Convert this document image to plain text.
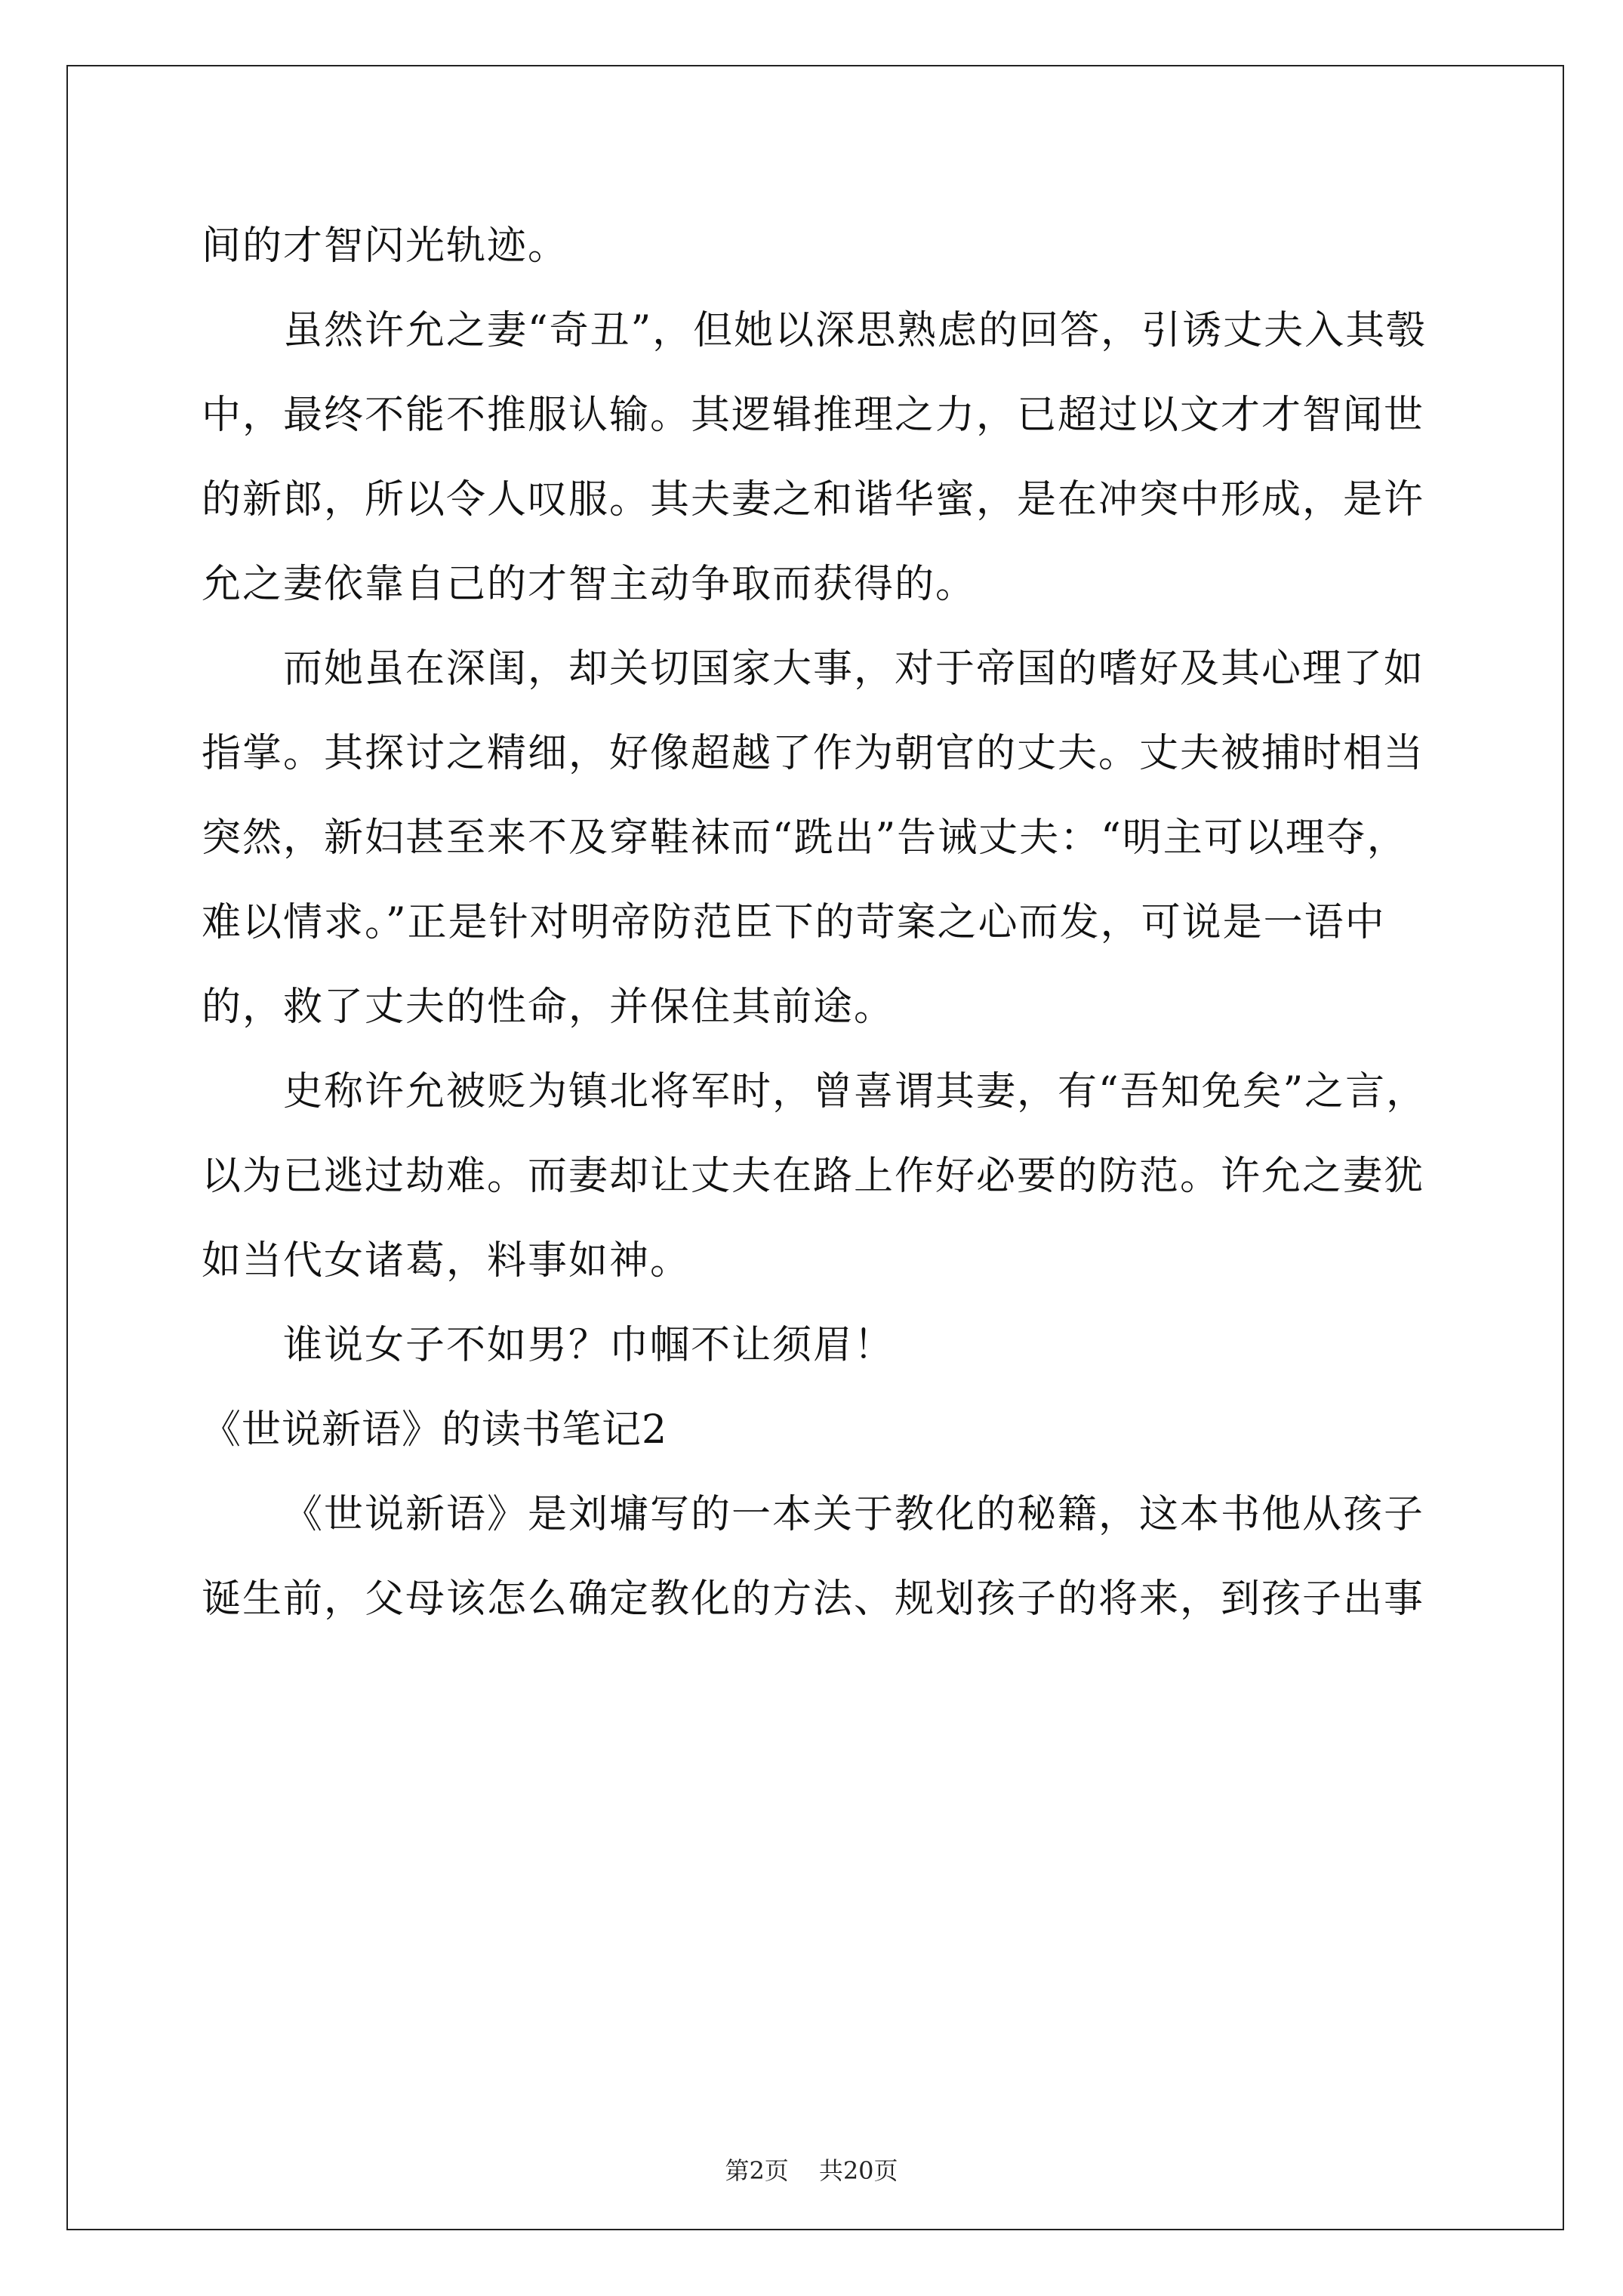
间的才智闪光轨迹。
虽然许允之妻“奇丑”，但她以深思熟虑的回答，引诱丈夫入其彀
中，最终不能不推服认输。其逻辑推理之力，已超过以文才才智闻世
的新郎，所以令人叹服。其夫妻之和谐华蜜，是在冲突中形成，是许
允之妻依靠自己的才智主动争取而获得的。
而她虽在深闺，却关切国家大事，对于帝国的嗜好及其心理了如
指掌。其探讨之精细，好像超越了作为朝官的丈夫。丈夫被捕时相当
突然，新妇甚至来不及穿鞋袜而“跣出”告诫丈夫：“明主可以理夺，
难以情求。”正是针对明帝防范臣下的苛案之心而发，可说是一语中
的，救了丈夫的性命，并保住其前途。
史称许允被贬为镇北将军时，曾喜谓其妻，有“吾知免矣”之言，
以为已逃过劫难。而妻却让丈夫在路上作好必要的防范。许允之妻犹
如当代女诸葛，料事如神。
谁说女子不如男？巾帼不让须眉！
《世说新语》的读书笔记2
《世说新语》是刘墉写的一本关于教化的秘籍，这本书他从孩子
诞生前，父母该怎么确定教化的方法、规划孩子的将来，到孩子出事
第2页 共20页
